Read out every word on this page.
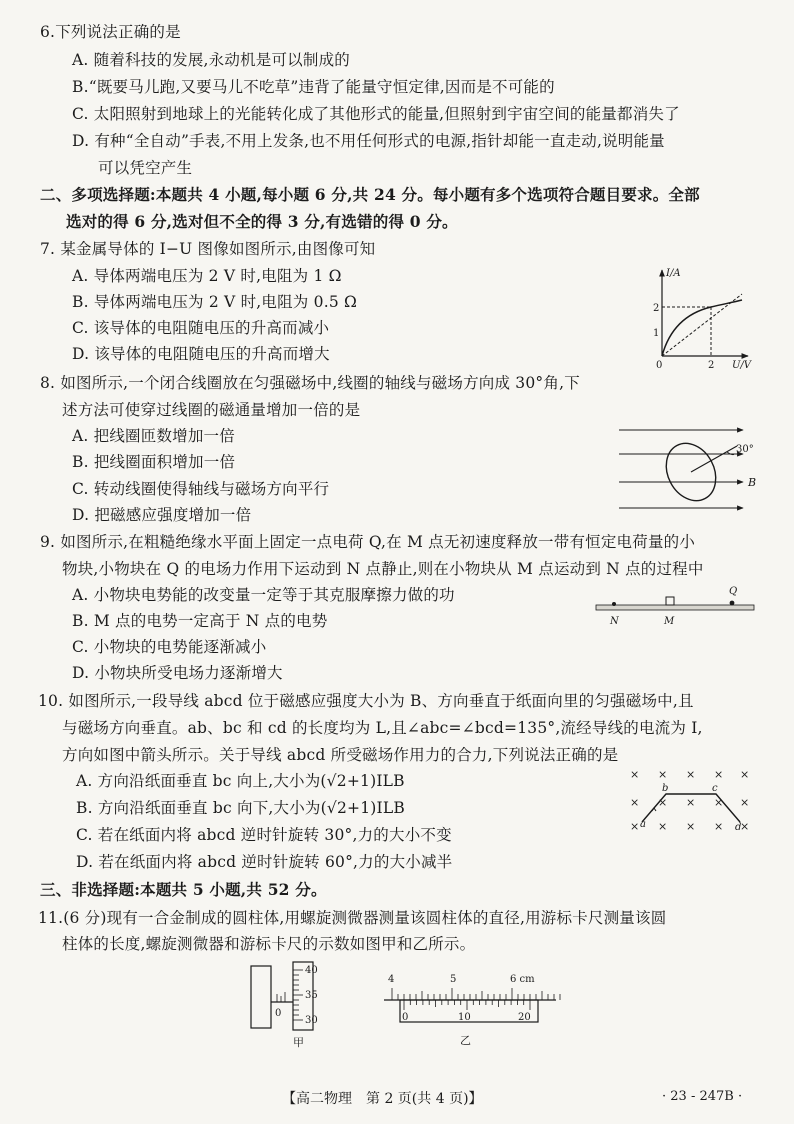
6.下列说法正确的是
A. 随着科技的发展,永动机是可以制成的
B.“既要马儿跑,又要马儿不吃草”违背了能量守恒定律,因而是不可能的
C. 太阳照射到地球上的光能转化成了其他形式的能量,但照射到宇宙空间的能量都消失了
D. 有种“全自动”手表,不用上发条,也不用任何形式的电源,指针却能一直走动,说明能量
可以凭空产生
二、多项选择题:本题共 4 小题,每小题 6 分,共 24 分。每小题有多个选项符合题目要求。全部
选对的得 6 分,选对但不全的得 3 分,有选错的得 0 分。
7. 某金属导体的 I−U 图像如图所示,由图像可知
A. 导体两端电压为 2 V 时,电阻为 1 Ω
B. 导体两端电压为 2 V 时,电阻为 0.5 Ω
C. 该导体的电阻随电压的升高而减小
D. 该导体的电阻随电压的升高而增大
I/A
U/V
1
2
2
0
8. 如图所示,一个闭合线圈放在匀强磁场中,线圈的轴线与磁场方向成 30°角,下
述方法可使穿过线圈的磁通量增加一倍的是
A. 把线圈匝数增加一倍
B. 把线圈面积增加一倍
C. 转动线圈使得轴线与磁场方向平行
D. 把磁感应强度增加一倍
30°
B
9. 如图所示,在粗糙绝缘水平面上固定一点电荷 Q,在 M 点无初速度释放一带有恒定电荷量的小
物块,小物块在 Q 的电场力作用下运动到 N 点静止,则在小物块从 M 点运动到 N 点的过程中
A. 小物块电势能的改变量一定等于其克服摩擦力做的功
B. M 点的电势一定高于 N 点的电势
C. 小物块的电势能逐渐减小
D. 小物块所受电场力逐渐增大
N	M
Q
10. 如图所示,一段导线 abcd 位于磁感应强度大小为 B、方向垂直于纸面向里的匀强磁场中,且
与磁场方向垂直。ab、bc 和 cd 的长度均为 L,且∠abc=∠bcd=135°,流经导线的电流为 I,
方向如图中箭头所示。关于导线 abcd 所受磁场作用力的合力,下列说法正确的是
A. 方向沿纸面垂直 bc 向上,大小为(√2+1)ILB
B. 方向沿纸面垂直 bc 向下,大小为(√2+1)ILB
C. 若在纸面内将 abcd 逆时针旋转 30°,力的大小不变
D. 若在纸面内将 abcd 逆时针旋转 60°,力的大小减半
× × × × ×
× × × × ×
× × × × ×
a
b	c
d
三、非选择题:本题共 5 小题,共 52 分。
11.(6 分)现有一合金制成的圆柱体,用螺旋测微器测量该圆柱体的直径,用游标卡尺测量该圆
柱体的长度,螺旋测微器和游标卡尺的示数如图甲和乙所示。
40
35
30
0
甲
4	5	6 cm
0	10	20
乙
【高二物理　第 2 页(共 4 页)】	· 23 - 247B ·
